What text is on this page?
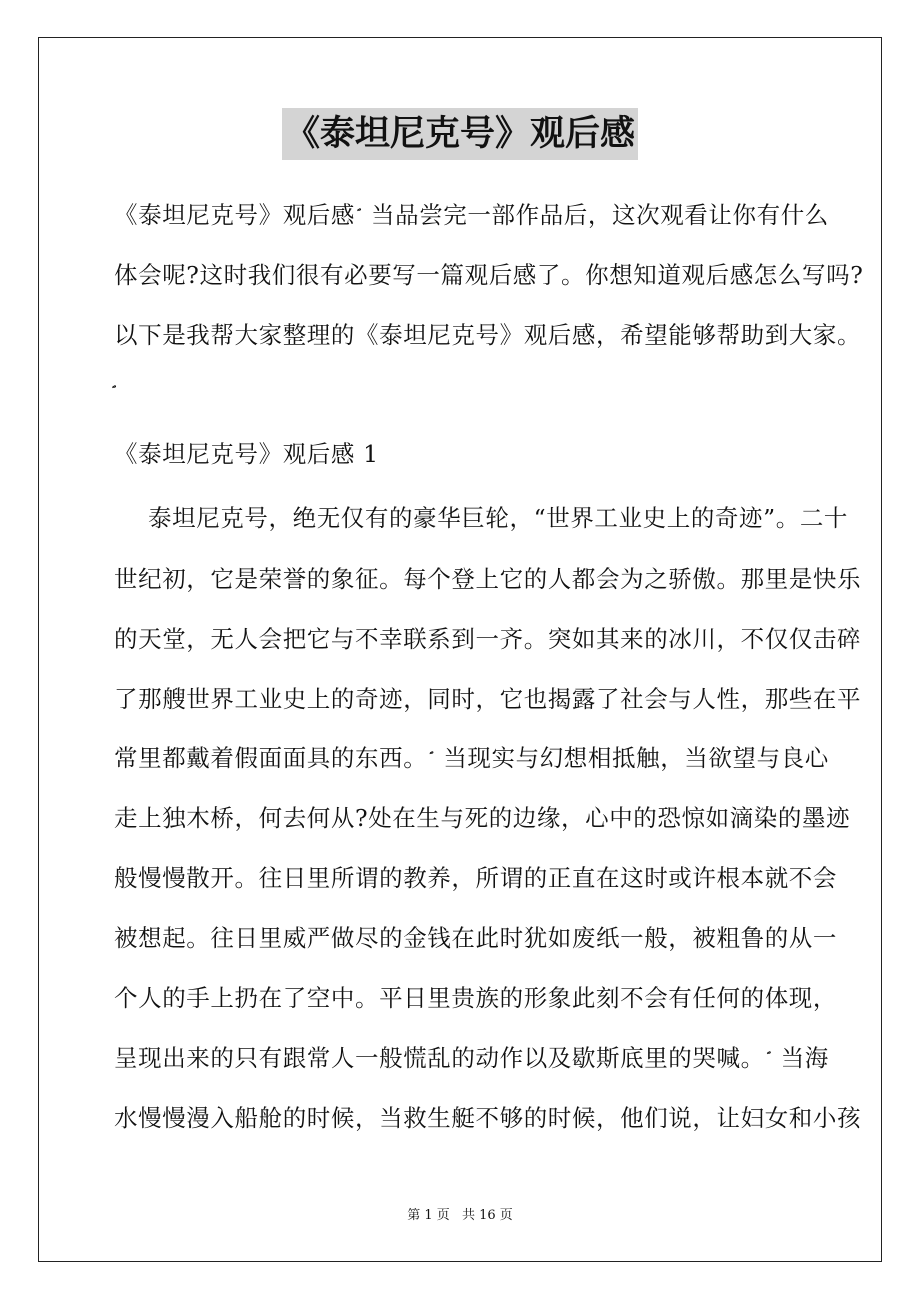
《泰坦尼克号》观后感
《泰坦尼克号》观后感 当品尝完一部作品后，这次观看让你有什么
体会呢?这时我们很有必要写一篇观后感了。你想知道观后感怎么写吗?
以下是我帮大家整理的《泰坦尼克号》观后感，希望能够帮助到大家。
《泰坦尼克号》观后感 1
泰坦尼克号，绝无仅有的豪华巨轮，“世界工业史上的奇迹”。二十
世纪初，它是荣誉的象征。每个登上它的人都会为之骄傲。那里是快乐
的天堂，无人会把它与不幸联系到一齐。突如其来的冰川，不仅仅击碎
了那艘世界工业史上的奇迹，同时，它也揭露了社会与人性，那些在平
常里都戴着假面面具的东西。 当现实与幻想相抵触，当欲望与良心
走上独木桥，何去何从?处在生与死的边缘，心中的恐惊如滴染的墨迹
般慢慢散开。往日里所谓的教养，所谓的正直在这时或许根本就不会
被想起。往日里威严做尽的金钱在此时犹如废纸一般，被粗鲁的从一
个人的手上扔在了空中。平日里贵族的形象此刻不会有任何的体现，
呈现出来的只有跟常人一般慌乱的动作以及歇斯底里的哭喊。 当海
水慢慢漫入船舱的时候，当救生艇不够的时候，他们说，让妇女和小孩
第 1 页 共 16 页
